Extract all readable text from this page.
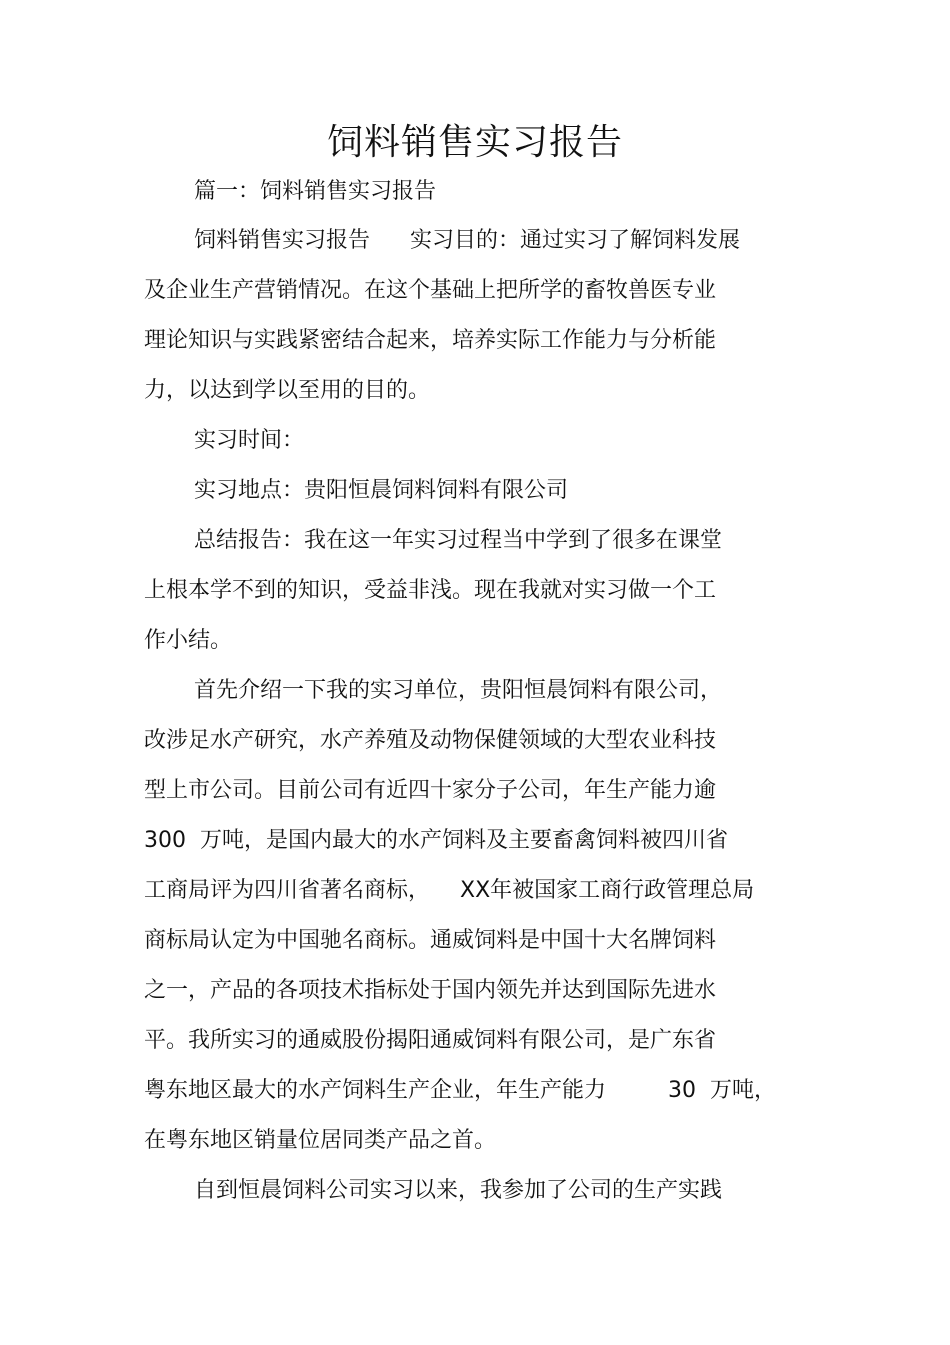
饲料销售实习报告
篇一：饲料销售实习报告
饲料销售实习报告 实习目的：通过实习了解饲料发展
及企业生产营销情况。在这个基础上把所学的畜牧兽医专业
理论知识与实践紧密结合起来，培养实际工作能力与分析能
力，以达到学以至用的目的。
实习时间：
实习地点：贵阳恒晨饲料饲料有限公司
总结报告：我在这一年实习过程当中学到了很多在课堂
上根本学不到的知识，受益非浅。现在我就对实习做一个工
作小结。
首先介绍一下我的实习单位，贵阳恒晨饲料有限公司，
改涉足水产研究，水产养殖及动物保健领域的大型农业科技
型上市公司。目前公司有近四十家分子公司，年生产能力逾
300 万吨，是国内最大的水产饲料及主要畜禽饲料被四川省
工商局评为四川省著名商标， XX年被国家工商行政管理总局
商标局认定为中国驰名商标。通威饲料是中国十大名牌饲料
之一，产品的各项技术指标处于国内领先并达到国际先进水
平。我所实习的通威股份揭阳通威饲料有限公司，是广东省
粤东地区最大的水产饲料生产企业，年生产能力	30 万吨，
在粤东地区销量位居同类产品之首。
自到恒晨饲料公司实习以来，我参加了公司的生产实践
